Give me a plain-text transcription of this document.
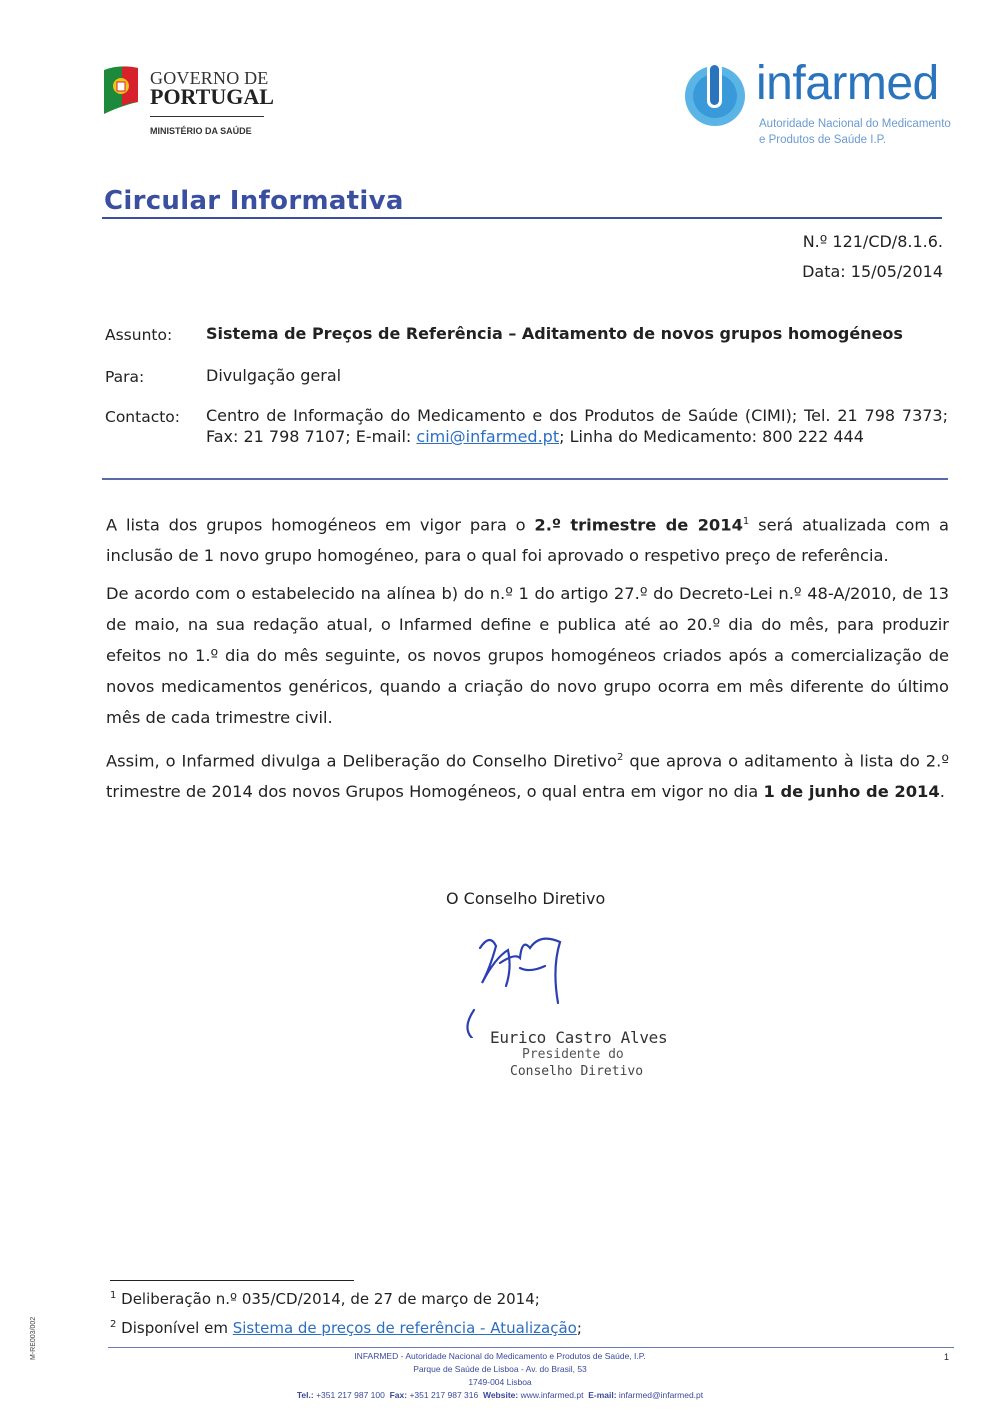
GOVERNO DE
PORTUGAL
MINISTÉRIO DA SAÚDE
infarmed
Autoridade Nacional do Medicamento
e Produtos de Saúde I.P.
Circular Informativa
N.º 121/CD/8.1.6.
Data: 15/05/2014
Assunto: Sistema de Preços de Referência – Aditamento de novos grupos homogéneos
Para:	Divulgação geral
Contacto: Centro de Informação do Medicamento e dos Produtos de Saúde (CIMI); Tel. 21 798 7373; Fax: 21 798 7107; E-mail: cimi@infarmed.pt; Linha do Medicamento: 800 222 444
A lista dos grupos homogéneos em vigor para o 2.º trimestre de 2014$^1$ será atualizada com a inclusão de 1 novo grupo homogéneo, para o qual foi aprovado o respetivo preço de referência.
De acordo com o estabelecido na alínea b) do n.º 1 do artigo 27.º do Decreto-Lei n.º 48-A/2010, de 13 de maio, na sua redação atual, o Infarmed define e publica até ao 20.º dia do mês, para produzir efeitos no 1.º dia do mês seguinte, os novos grupos homogéneos criados após a comercialização de novos medicamentos genéricos, quando a criação do novo grupo ocorra em mês diferente do último mês de cada trimestre civil.
Assim, o Infarmed divulga a Deliberação do Conselho Diretivo$^2$ que aprova o aditamento à lista do 2.º trimestre de 2014 dos novos Grupos Homogéneos, o qual entra em vigor no dia 1 de junho de 2014.
O Conselho Diretivo
Eurico Castro Alves
Presidente do
Conselho Diretivo
$^1$ Deliberação n.º 035/CD/2014, de 27 de março de 2014;
$^2$ Disponível em Sistema de preços de referência - Atualização;
INFARMED - Autoridade Nacional do Medicamento e Produtos de Saúde, I.P.
Parque de Saúde de Lisboa - Av. do Brasil, 53
1749-004 Lisboa
Tel.: +351 217 987 100 Fax: +351 217 987 316 Website: www.infarmed.pt E-mail: infarmed@infarmed.pt
1
M-RE003/002
